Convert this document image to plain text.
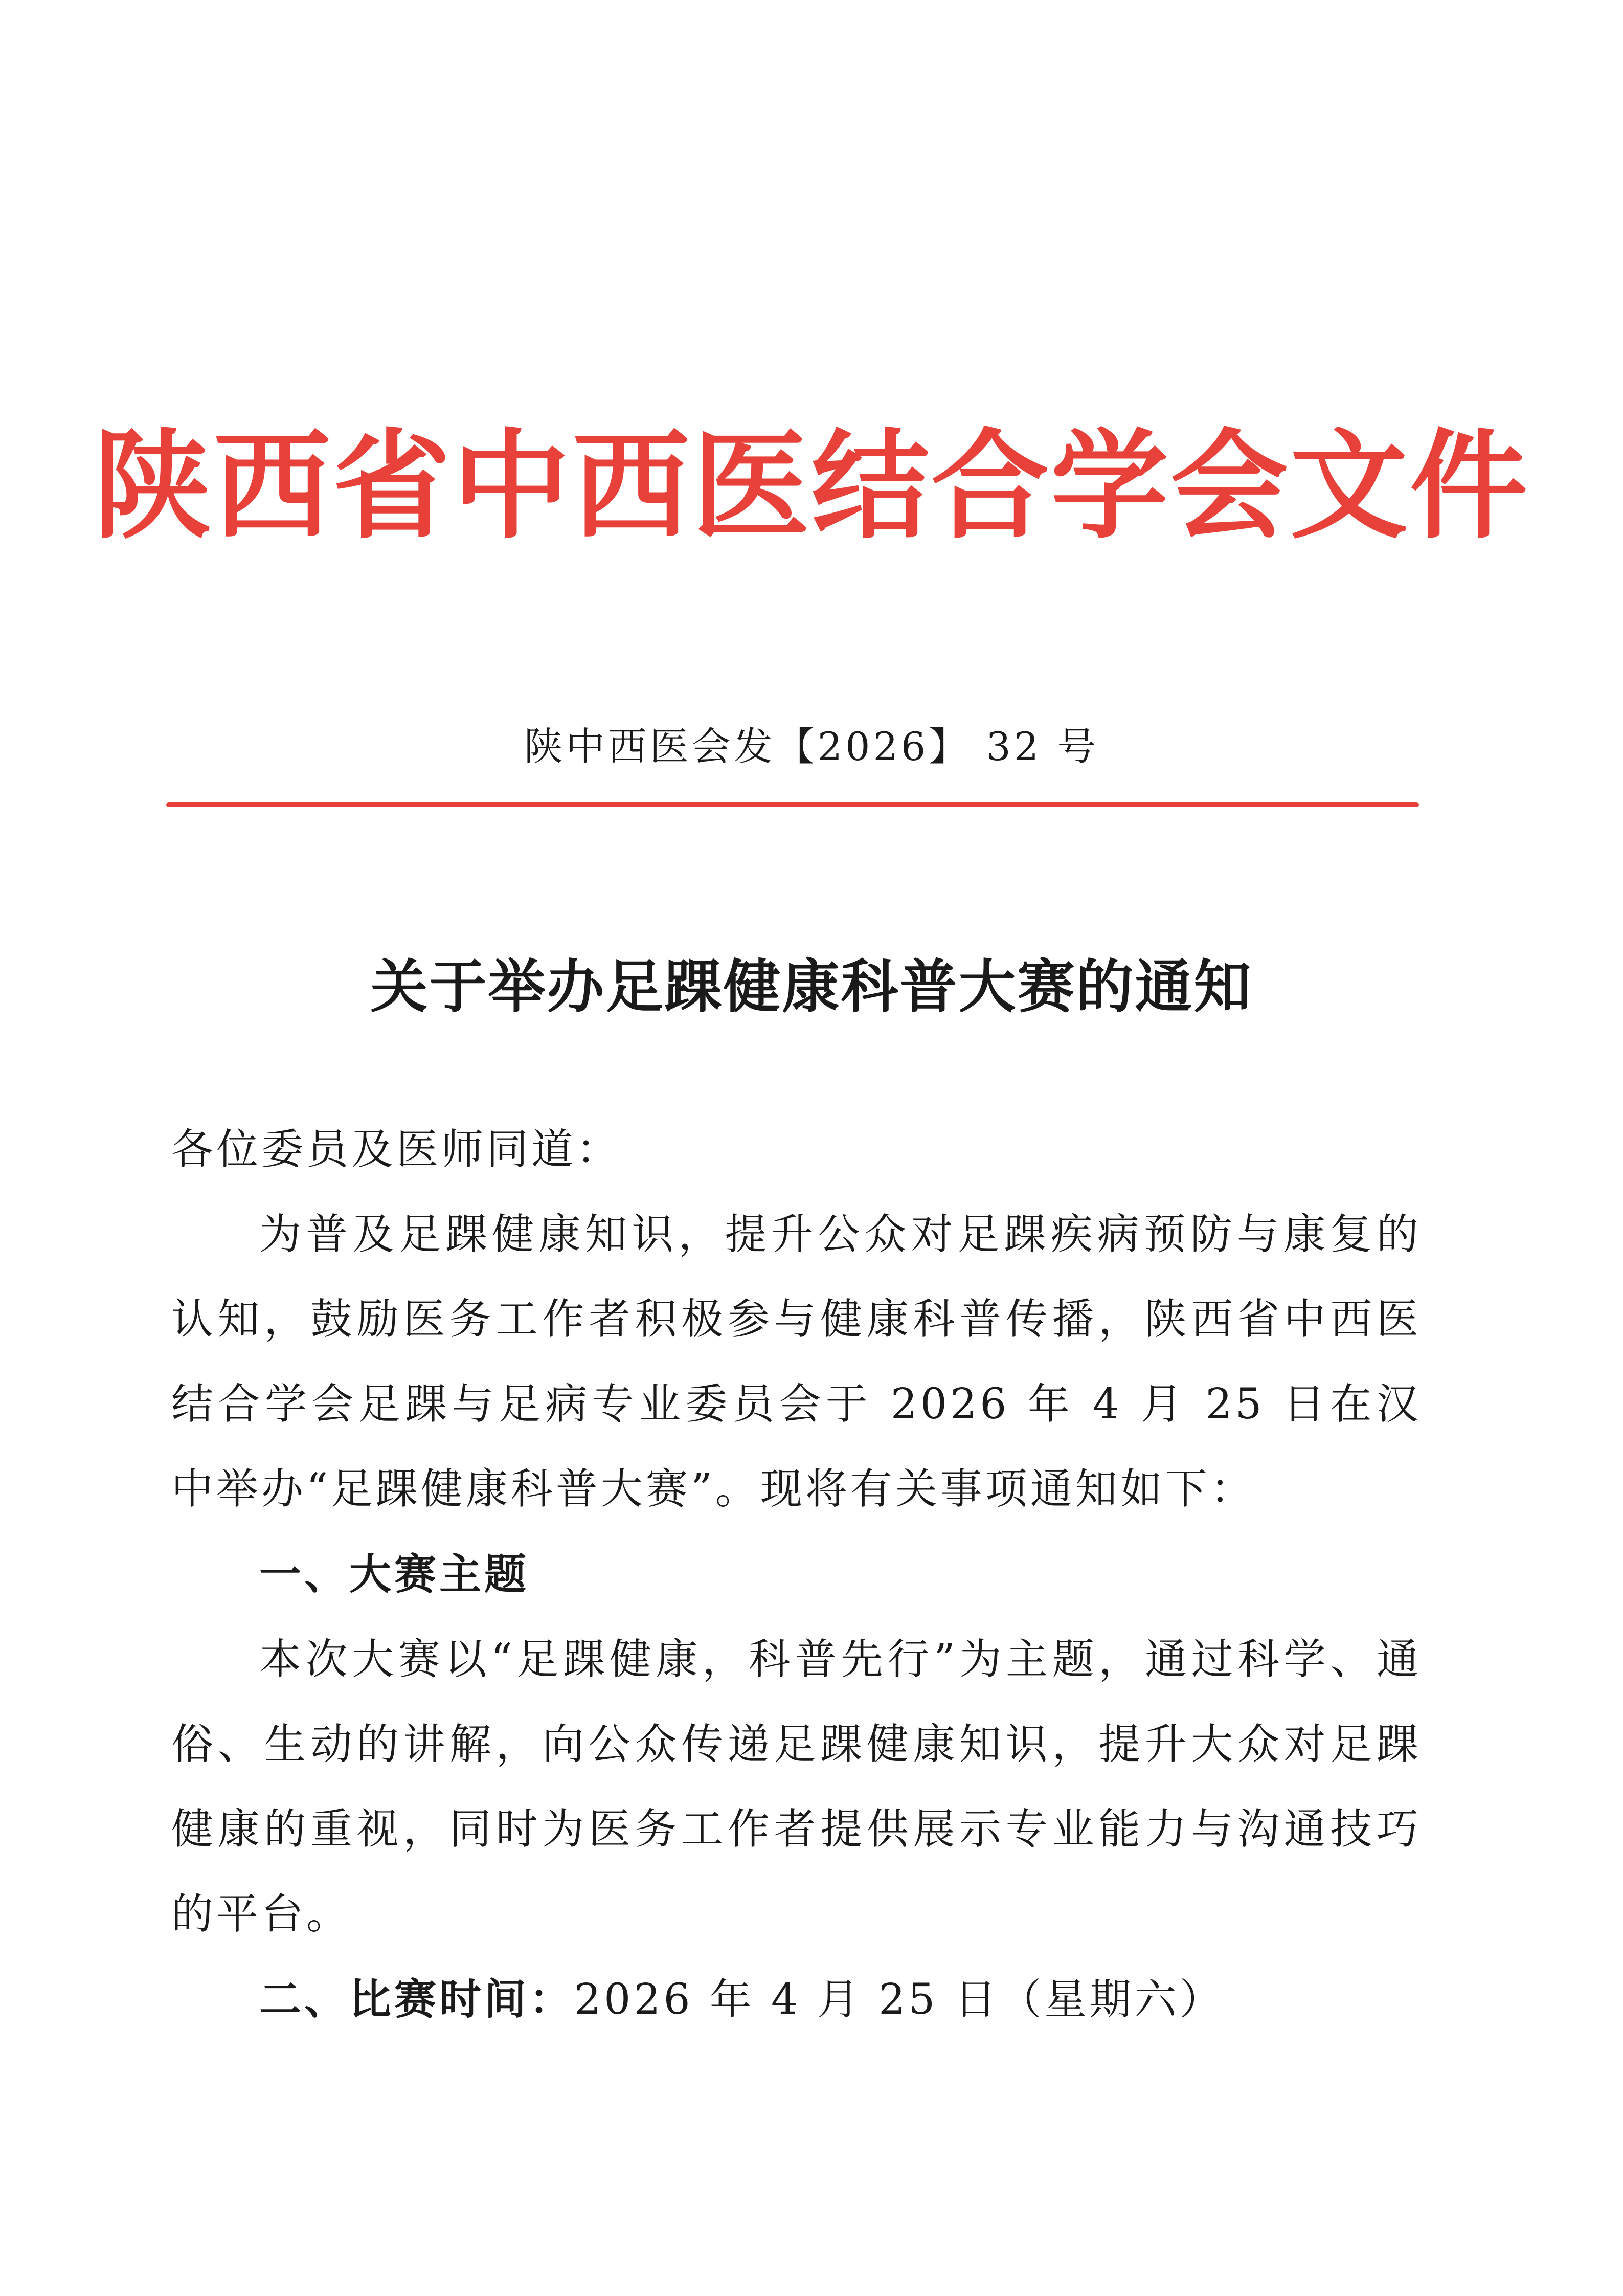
陕西省中西医结合学会文件
陕中西医会发【2026】 32 号
关于举办足踝健康科普大赛的通知

各位委员及医师同道：

为普及足踝健康知识，提升公众对足踝疾病预防与康复的认知，鼓励医务工作者积极参与健康科普传播，陕西省中西医结合学会足踝与足病专业委员会于 2026 年 4 月 25 日在汉中举办“足踝健康科普大赛”。现将有关事项通知如下：

一、大赛主题

本次大赛以“足踝健康，科普先行”为主题，通过科学、通俗、生动的讲解，向公众传递足踝健康知识，提升大众对足踝健康的重视，同时为医务工作者提供展示专业能力与沟通技巧的平台。

二、比赛时间：2026 年 4 月 25 日（星期六）
